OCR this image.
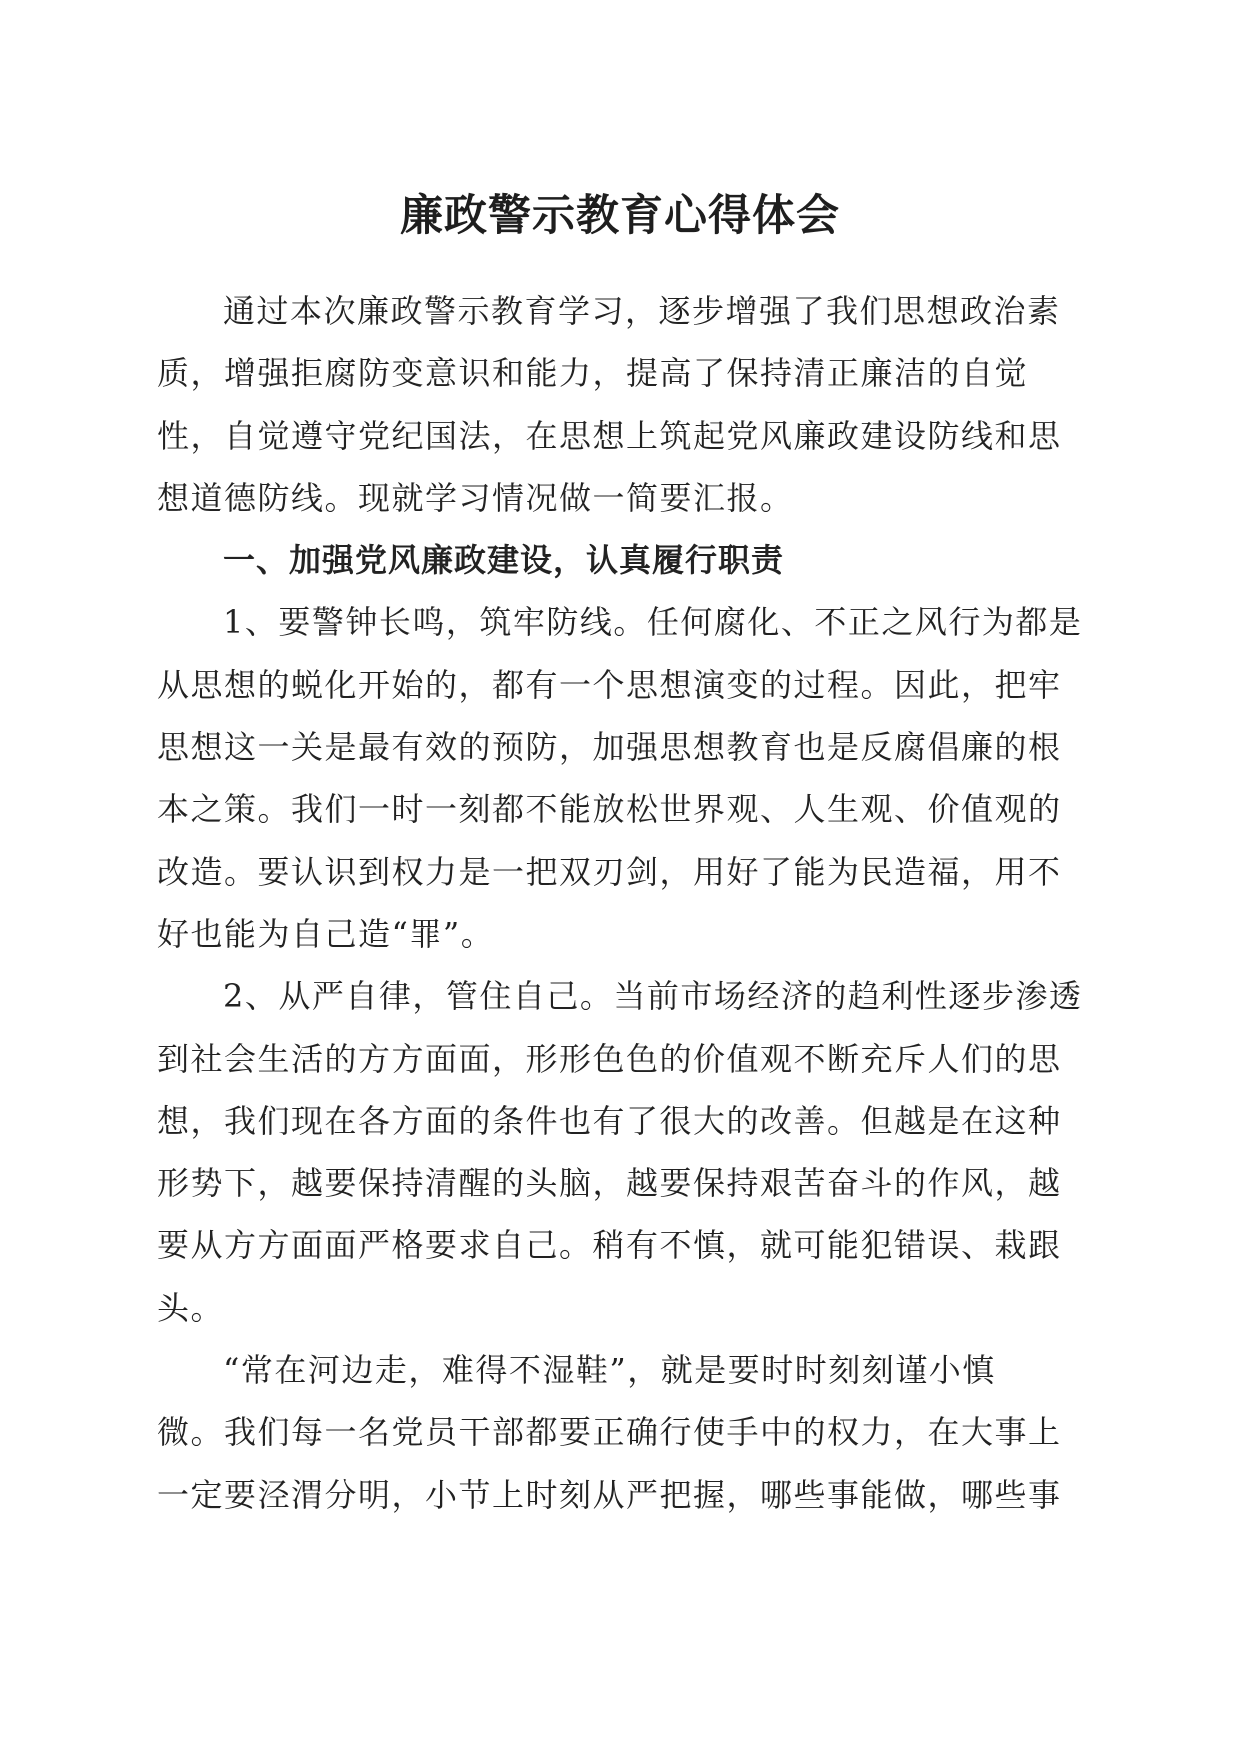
廉政警示教育心得体会
通过本次廉政警示教育学习，逐步增强了我们思想政治素
质，增强拒腐防变意识和能力，提高了保持清正廉洁的自觉
性，自觉遵守党纪国法，在思想上筑起党风廉政建设防线和思
想道德防线。现就学习情况做一简要汇报。
一、加强党风廉政建设，认真履行职责
1、要警钟长鸣，筑牢防线。任何腐化、不正之风行为都是
从思想的蜕化开始的，都有一个思想演变的过程。因此，把牢
思想这一关是最有效的预防，加强思想教育也是反腐倡廉的根
本之策。我们一时一刻都不能放松世界观、人生观、价值观的
改造。要认识到权力是一把双刃剑，用好了能为民造福，用不
好也能为自己造“罪”。
2、从严自律，管住自己。当前市场经济的趋利性逐步渗透
到社会生活的方方面面，形形色色的价值观不断充斥人们的思
想，我们现在各方面的条件也有了很大的改善。但越是在这种
形势下，越要保持清醒的头脑，越要保持艰苦奋斗的作风，越
要从方方面面严格要求自己。稍有不慎，就可能犯错误、栽跟
头。
“常在河边走，难得不湿鞋”，就是要时时刻刻谨小慎
微。我们每一名党员干部都要正确行使手中的权力，在大事上
一定要泾渭分明，小节上时刻从严把握，哪些事能做，哪些事
